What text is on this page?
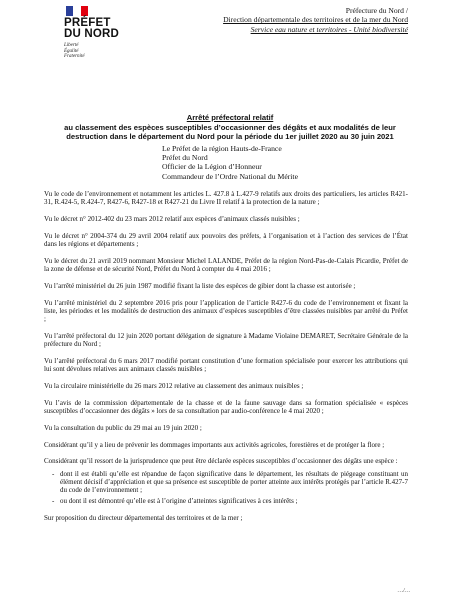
PRÉFET
DU NORD
Liberté
Égalité
Fraternité
Préfecture du Nord /
Direction départementale des territoires et de la mer du Nord
Service eau nature et territoires - Unité biodiversité
Arrêté préfectoral relatif
au classement des espèces susceptibles d’occasionner des dégâts et aux modalités de leur
destruction dans le département du Nord pour la période du 1er juillet 2020 au 30 juin 2021
Le Préfet de la région Hauts-de-France
Préfet du Nord
Officier de la Légion d’Honneur
Commandeur de l’Ordre National du Mérite

Vu le code de l’environnement et notamment les articles L. 427.8 à L.427-9 relatifs aux droits des particuliers, les articles R421-31, R.424-5, R.424-7, R427-6, R427-18 et R427-21 du Livre II relatif à la protection de la nature ;

Vu le décret n° 2012-402 du 23 mars 2012 relatif aux espèces d’animaux classés nuisibles ;

Vu le décret n° 2004-374 du 29 avril 2004 relatif aux pouvoirs des préfets, à l’organisation et à l’action des services de l’État dans les régions et départements ;

Vu le décret du 21 avril 2019 nommant Monsieur Michel LALANDE, Préfet de la région Nord-Pas-de-Calais Picardie, Préfet de la zone de défense et de sécurité Nord, Préfet du Nord à compter du 4 mai 2016 ;

Vu l’arrêté ministériel du 26 juin 1987 modifié fixant la liste des espèces de gibier dont la chasse est autorisée ;

Vu l’arrêté ministériel du 2 septembre 2016 pris pour l’application de l’article R427-6 du code de l’environnement et fixant la liste, les périodes et les modalités de destruction des animaux d’espèces susceptibles d’être classées nuisibles par arrêté du Préfet ;

Vu l’arrêté préfectoral du 12 juin 2020 portant délégation de signature à Madame Violaine DEMARET, Secrétaire Générale de la préfecture du Nord ;

Vu l’arrêté préfectoral du 6 mars 2017 modifié portant constitution d’une formation spécialisée pour exercer les attributions qui lui sont dévolues relatives aux animaux classés nuisibles ;

Vu la circulaire ministérielle du 26 mars 2012 relative au classement des animaux nuisibles ;

Vu l’avis de la commission départementale de la chasse et de la faune sauvage dans sa formation spécialisée « espèces susceptibles d’occasionner des dégâts » lors de sa consultation par audio-conférence le 4 mai 2020 ;

Vu la consultation du public du 29 mai au 19 juin 2020 ;

Considérant qu’il y a lieu de prévenir les dommages importants aux activités agricoles, forestières et de protéger la flore ;

Considérant qu’il ressort de la jurisprudence que peut être déclarée espèces susceptibles d’occasionner des dégâts une espèce :

- dont il est établi qu’elle est répandue de façon significative dans le département, les résultats de piégeage constituant un élément décisif d’appréciation et que sa présence est susceptible de porter atteinte aux intérêts protégés par l’article R.427-7 du code de l’environnement ;

- ou dont il est démontré qu’elle est à l’origine d’atteintes significatives à ces intérêts ;

Sur proposition du directeur départemental des territoires et de la mer ;

…/…
